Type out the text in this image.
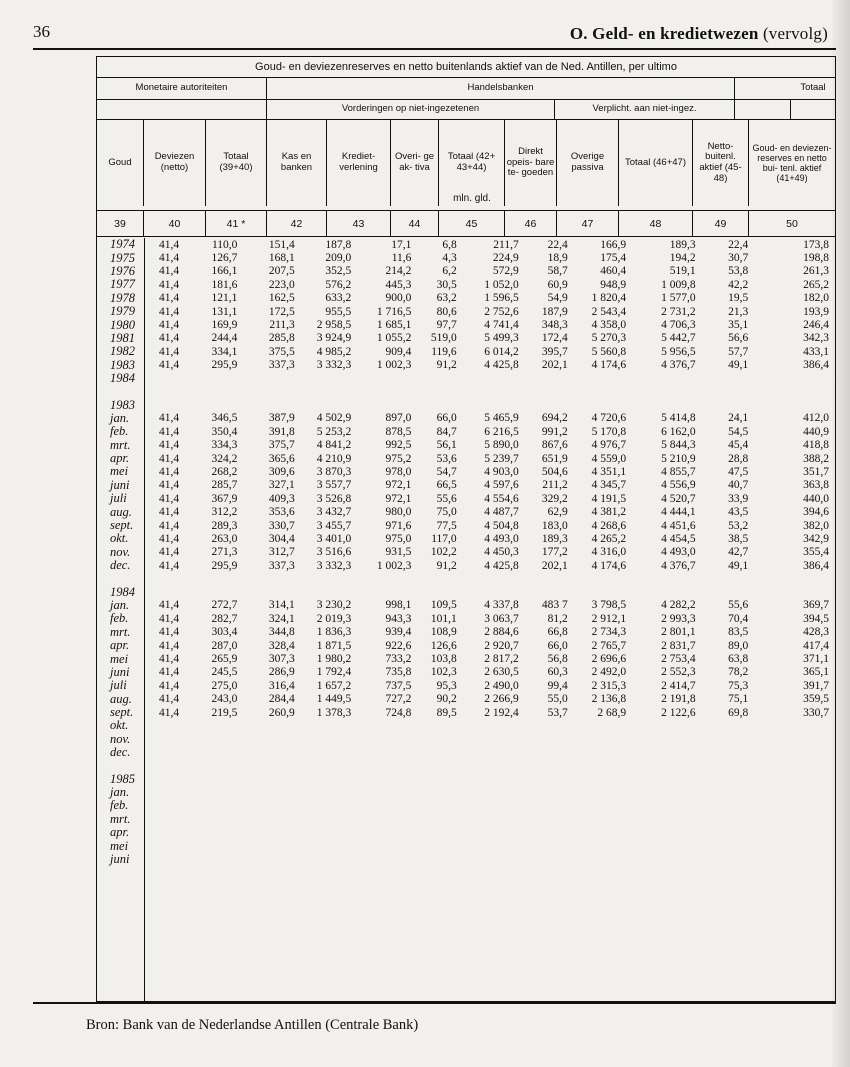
36	O. Geld- en kredietwezen (vervolg)
Goud- en deviezenreserves en netto buitenlands aktief van de Ned. Antillen, per ultimo
Monetaire autoriteiten	Handelsbanken	Totaal
Vorderingen op niet-ingezetenen	Verplicht. aan niet-ingez.
Goud	Deviezen (netto)
Totaal (39+40)
Kas en banken
Krediet- verlening
Overi- ge ak- tiva
Totaal (42+ 43+44)
Direkt opeis- bare te- goeden
Overige passiva	Totaal (46+47)
Netto- buitenl. aktief (45-48)
Goud- en deviezen- reserves en netto bui- tenl. aktief (41+49)
mln. gld.
39	40	41 *	42	43	44	45	46	47	48	49	50
1974	41,4	110,0	151,4	187,8	17,1	6,8	211,7	22,4	166,9	189,3	22,4	173,8
1975	41,4	126,7	168,1	209,0	11,6	4,3	224,9	18,9	175,4	194,2	30,7	198,8
1976	41,4	166,1	207,5	352,5	214,2	6,2	572,9	58,7	460,4	519,1	53,8	261,3
1977	41,4	181,6	223,0	576,2	445,3	30,5	1 052,0	60,9	948,9	1 009,8	42,2	265,2
1978	41,4	121,1	162,5	633,2	900,0	63,2	1 596,5	54,9	1 820,4	1 577,0	19,5	182,0
1979	41,4	131,1	172,5	955,5	1 716,5	80,6	2 752,6	187,9	2 543,4	2 731,2	21,3	193,9
1980	41,4	169,9	211,3	2 958,5	1 685,1	97,7	4 741,4	348,3	4 358,0	4 706,3	35,1	246,4
1981	41,4	244,4	285,8	3 924,9	1 055,2	519,0	5 499,3	172,4	5 270,3	5 442,7	56,6	342,3
1982	41,4	334,1	375,5	4 985,2	909,4	119,6	6 014,2	395,7	5 560,8	5 956,5	57,7	433,1
1983	41,4	295,9	337,3	3 332,3	1 002,3	91,2	4 425,8	202,1	4 174,6	4 376,7	49,1	386,4
1984
1983
jan.	41,4	346,5	387,9	4 502,9	897,0	66,0	5 465,9	694,2	4 720,6	5 414,8	24,1	412,0
feb.	41,4	350,4	391,8	5 253,2	878,5	84,7	6 216,5	991,2	5 170,8	6 162,0	54,5	440,9
mrt.	41,4	334,3	375,7	4 841,2	992,5	56,1	5 890,0	867,6	4 976,7	5 844,3	45,4	418,8
apr.	41,4	324,2	365,6	4 210,9	975,2	53,6	5 239,7	651,9	4 559,0	5 210,9	28,8	388,2
mei	41,4	268,2	309,6	3 870,3	978,0	54,7	4 903,0	504,6	4 351,1	4 855,7	47,5	351,7
juni	41,4	285,7	327,1	3 557,7	972,1	66,5	4 597,6	211,2	4 345,7	4 556,9	40,7	363,8
juli	41,4	367,9	409,3	3 526,8	972,1	55,6	4 554,6	329,2	4 191,5	4 520,7	33,9	440,0
aug.	41,4	312,2	353,6	3 432,7	980,0	75,0	4 487,7	62,9	4 381,2	4 444,1	43,5	394,6
sept.	41,4	289,3	330,7	3 455,7	971,6	77,5	4 504,8	183,0	4 268,6	4 451,6	53,2	382,0
okt.	41,4	263,0	304,4	3 401,0	975,0	117,0	4 493,0	189,3	4 265,2	4 454,5	38,5	342,9
nov.	41,4	271,3	312,7	3 516,6	931,5	102,2	4 450,3	177,2	4 316,0	4 493,0	42,7	355,4
dec.	41,4	295,9	337,3	3 332,3	1 002,3	91,2	4 425,8	202,1	4 174,6	4 376,7	49,1	386,4
1984
jan.	41,4	272,7	314,1	3 230,2	998,1	109,5	4 337,8	483 7	3 798,5	4 282,2	55,6	369,7
feb.	41,4	282,7	324,1	2 019,3	943,3	101,1	3 063,7	81,2	2 912,1	2 993,3	70,4	394,5
mrt.	41,4	303,4	344,8	1 836,3	939,4	108,9	2 884,6	66,8	2 734,3	2 801,1	83,5	428,3
apr.	41,4	287,0	328,4	1 871,5	922,6	126,6	2 920,7	66,0	2 765,7	2 831,7	89,0	417,4
mei	41,4	265,9	307,3	1 980,2	733,2	103,8	2 817,2	56,8	2 696,6	2 753,4	63,8	371,1
juni	41,4	245,5	286,9	1 792,4	735,8	102,3	2 630,5	60,3	2 492,0	2 552,3	78,2	365,1
juli	41,4	275,0	316,4	1 657,2	737,5	95,3	2 490,0	99,4	2 315,3	2 414,7	75,3	391,7
aug.	41,4	243,0	284,4	1 449,5	727,2	90,2	2 266,9	55,0	2 136,8	2 191,8	75,1	359,5
sept.	41,4	219,5	260,9	1 378,3	724,8	89,5	2 192,4	53,7	2 68,9	2 122,6	69,8	330,7
okt.
nov.
dec.
1985
jan.
feb.
mrt.
apr.
mei
juni
Bron: Bank van de Nederlandse Antillen (Centrale Bank)
